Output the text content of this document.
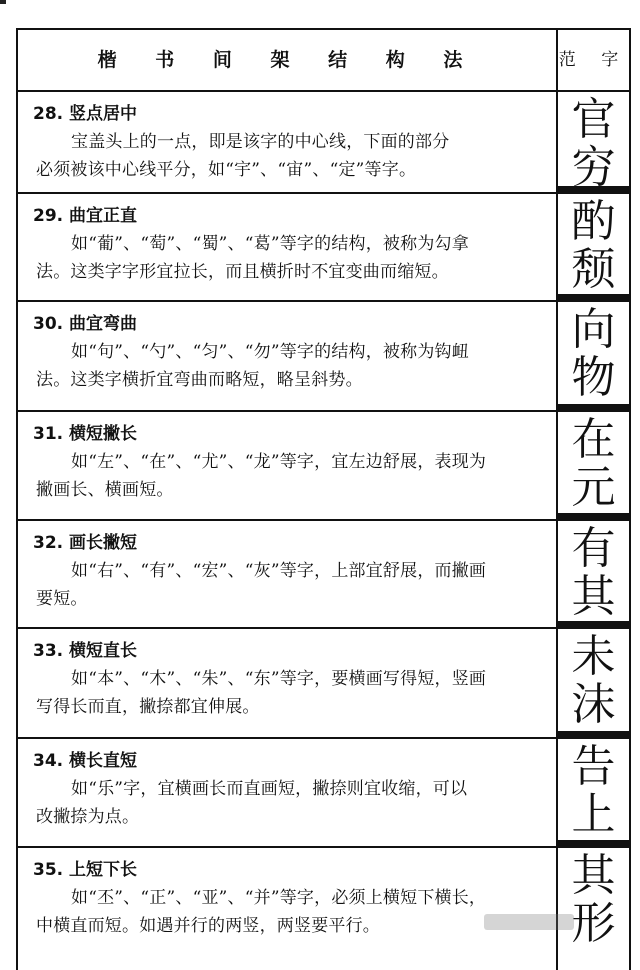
楷 书 间 架 结 构 法	范 字
28. 竖点居中
宝盖头上的一点，即是该字的中心线，下面的部分
必须被该中心线平分，如“宇”、“宙”、“定”等字。
官
穷
29. 曲宜正直
如“葡”、“萄”、“蜀”、“葛”等字的结构，被称为勾拿
法。这类字字形宜拉长，而且横折时不宜变曲而缩短。
酌
颓
30. 曲宜弯曲
如“句”、“勺”、“匀”、“勿”等字的结构，被称为钩衄
法。这类字横折宜弯曲而略短，略呈斜势。
向
物
31. 横短撇长
如“左”、“在”、“尤”、“龙”等字，宜左边舒展，表现为
撇画长、横画短。
在
元
32. 画长撇短
如“右”、“有”、“宏”、“灰”等字，上部宜舒展，而撇画
要短。
有
其
33. 横短直长
如“本”、“木”、“朱”、“东”等字，要横画写得短，竖画
写得长而直，撇捺都宜伸展。
未
沫
34. 横长直短
如“乐”字，宜横画长而直画短，撇捺则宜收缩，可以
改撇捺为点。
告
上
35. 上短下长
如“丕”、“正”、“亚”、“并”等字，必须上横短下横长，
中横直而短。如遇并行的两竖，两竖要平行。
其
形
